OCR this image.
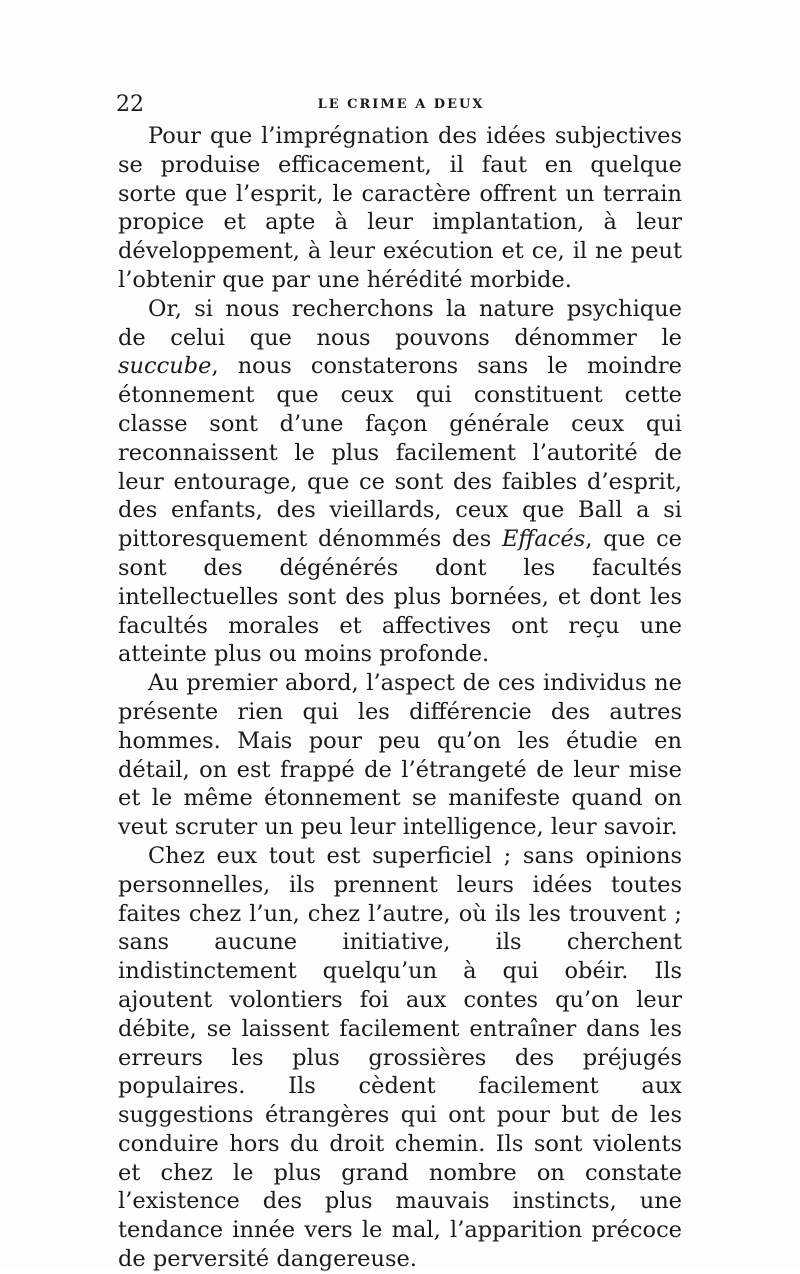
22	LE CRIME A DEUX

Pour que l’imprégnation des idées subjectives se produise efficacement, il faut en quelque sorte que l’esprit, le caractère offrent un terrain propice et apte à leur implantation, à leur développement, à leur exécution et ce, il ne peut l’obtenir que par une hérédité morbide.

Or, si nous recherchons la nature psychique de celui que nous pouvons dénommer le succube, nous constaterons sans le moindre étonnement que ceux qui constituent cette classe sont d’une façon générale ceux qui reconnaissent le plus facilement l’autorité de leur entourage, que ce sont des faibles d’esprit, des enfants, des vieillards, ceux que Ball a si pittoresquement dénommés des Effacés, que ce sont des dégénérés dont les facultés intellectuelles sont des plus bornées, et dont les facultés morales et affectives ont reçu une atteinte plus ou moins profonde.

Au premier abord, l’aspect de ces individus ne présente rien qui les différencie des autres hommes. Mais pour peu qu’on les étudie en détail, on est frappé de l’étrangeté de leur mise et le même étonnement se manifeste quand on veut scruter un peu leur intelligence, leur savoir.

Chez eux tout est superficiel ; sans opinions personnelles, ils prennent leurs idées toutes faites chez l’un, chez l’autre, où ils les trouvent ; sans aucune initiative, ils cherchent indistinctement quelqu’un à qui obéir. Ils ajoutent volontiers foi aux contes qu’on leur débite, se laissent facilement entraîner dans les erreurs les plus grossières des préjugés populaires. Ils cèdent facilement aux suggestions étrangères qui ont pour but de les conduire hors du droit chemin. Ils sont violents et chez le plus grand nombre on constate l’existence des plus mauvais instincts, une tendance innée vers le mal, l’apparition précoce de perversité dangereuse.
